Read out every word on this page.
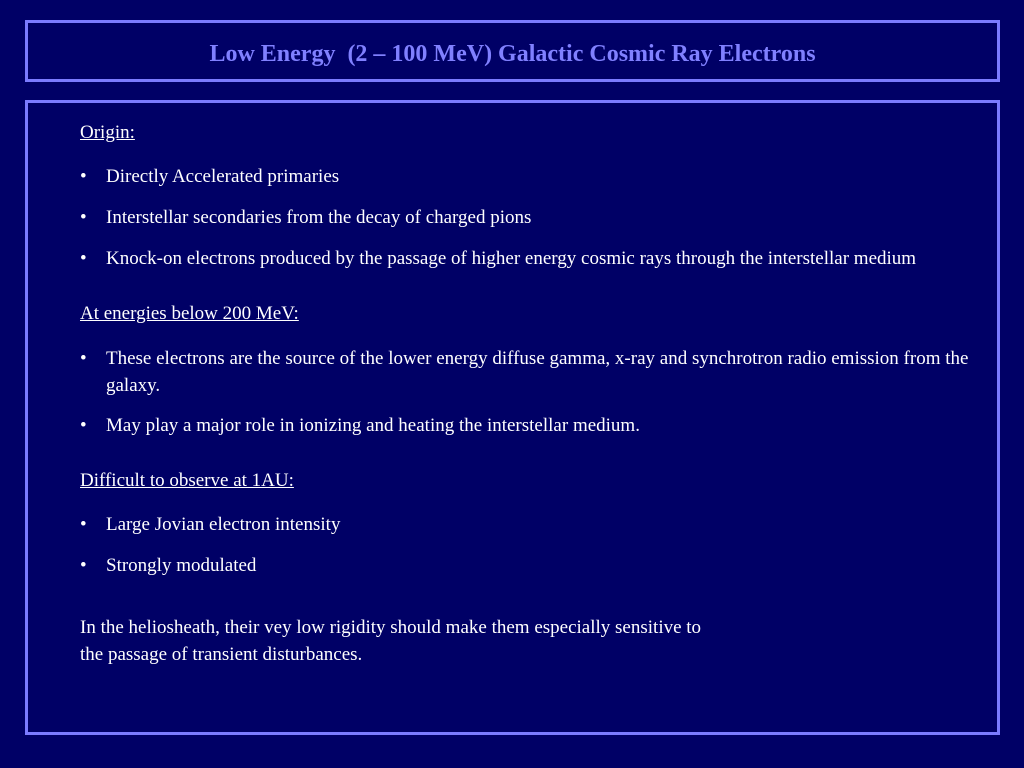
Low Energy  (2 – 100 MeV) Galactic Cosmic Ray Electrons

Origin:

• Directly Accelerated primaries

• Interstellar secondaries from the decay of charged pions

• Knock-on electrons produced by the passage of higher energy cosmic rays through the interstellar medium

At energies below 200 MeV:

• These electrons are the source of the lower energy diffuse gamma, x-ray and synchrotron radio emission from the galaxy.

• May play a major role in ionizing and heating the interstellar medium.

Difficult to observe at 1AU:

• Large Jovian electron intensity

• Strongly modulated

In the heliosheath, their vey low rigidity should make them especially sensitive to

the passage of transient disturbances.
